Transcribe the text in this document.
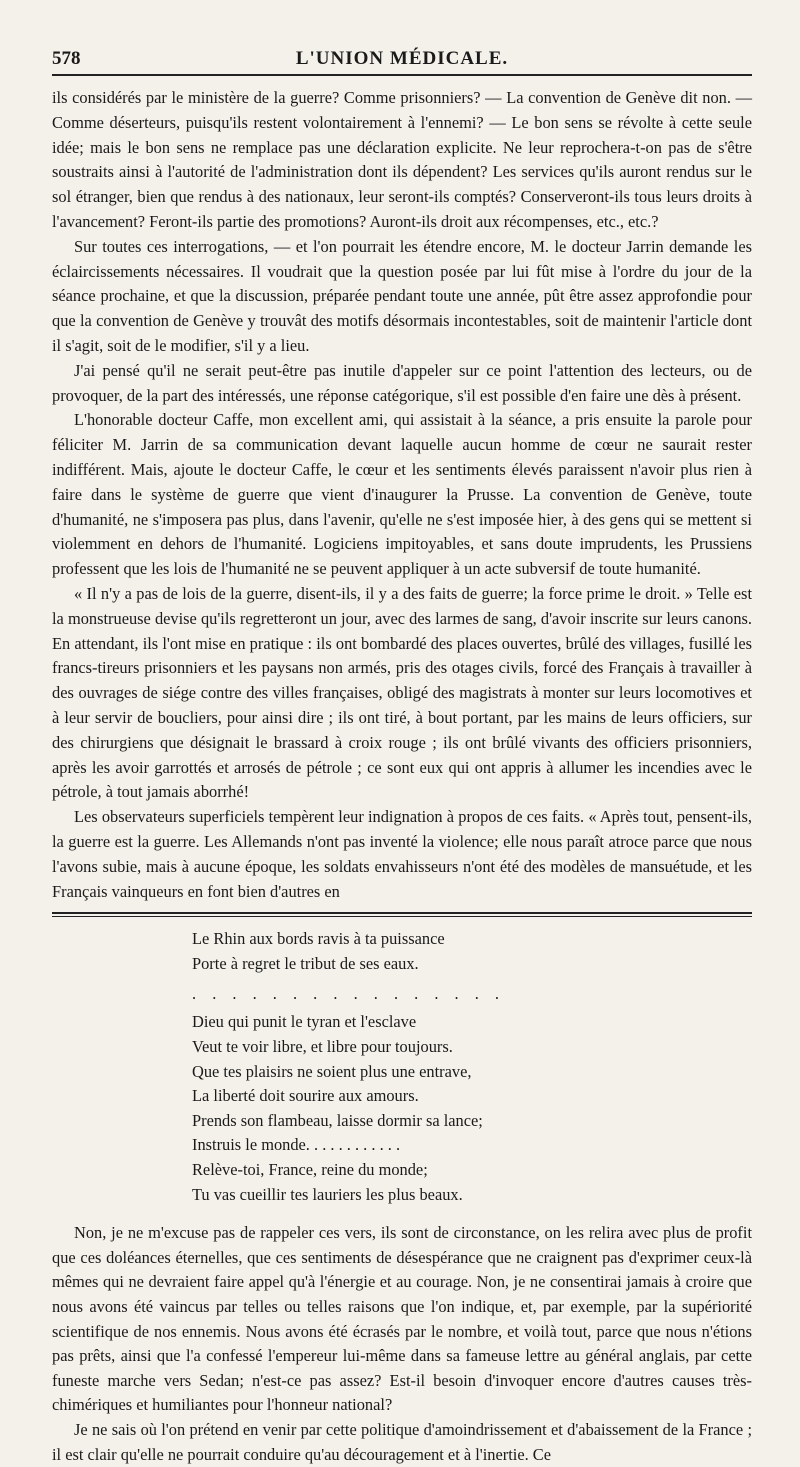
578	L'UNION MÉDICALE.

ils considérés par le ministère de la guerre? Comme prisonniers? — La convention de Genève dit non. — Comme déserteurs, puisqu'ils restent volontairement à l'ennemi? — Le bon sens se révolte à cette seule idée; mais le bon sens ne remplace pas une déclaration explicite. Ne leur reprochera-t-on pas de s'être soustraits ainsi à l'autorité de l'administration dont ils dépendent? Les services qu'ils auront rendus sur le sol étranger, bien que rendus à des nationaux, leur seront-ils comptés? Conserveront-ils tous leurs droits à l'avancement? Feront-ils partie des promotions? Auront-ils droit aux récompenses, etc., etc.?

Sur toutes ces interrogations, — et l'on pourrait les étendre encore, M. le docteur Jarrin demande les éclaircissements nécessaires. Il voudrait que la question posée par lui fût mise à l'ordre du jour de la séance prochaine, et que la discussion, préparée pendant toute une année, pût être assez approfondie pour que la convention de Genève y trouvât des motifs désormais incontestables, soit de maintenir l'article dont il s'agit, soit de le modifier, s'il y a lieu.

J'ai pensé qu'il ne serait peut-être pas inutile d'appeler sur ce point l'attention des lecteurs, ou de provoquer, de la part des intéressés, une réponse catégorique, s'il est possible d'en faire une dès à présent.

L'honorable docteur Caffe, mon excellent ami, qui assistait à la séance, a pris ensuite la parole pour féliciter M. Jarrin de sa communication devant laquelle aucun homme de cœur ne saurait rester indifférent. Mais, ajoute le docteur Caffe, le cœur et les sentiments élevés paraissent n'avoir plus rien à faire dans le système de guerre que vient d'inaugurer la Prusse. La convention de Genève, toute d'humanité, ne s'imposera pas plus, dans l'avenir, qu'elle ne s'est imposée hier, à des gens qui se mettent si violemment en dehors de l'humanité. Logiciens impitoyables, et sans doute imprudents, les Prussiens professent que les lois de l'humanité ne se peuvent appliquer à un acte subversif de toute humanité.

« Il n'y a pas de lois de la guerre, disent-ils, il y a des faits de guerre; la force prime le droit. » Telle est la monstrueuse devise qu'ils regretteront un jour, avec des larmes de sang, d'avoir inscrite sur leurs canons. En attendant, ils l'ont mise en pratique : ils ont bombardé des places ouvertes, brûlé des villages, fusillé les francs-tireurs prisonniers et les paysans non armés, pris des otages civils, forcé des Français à travailler à des ouvrages de siége contre des villes françaises, obligé des magistrats à monter sur leurs locomotives et à leur servir de boucliers, pour ainsi dire ; ils ont tiré, à bout portant, par les mains de leurs officiers, sur des chirurgiens que désignait le brassard à croix rouge ; ils ont brûlé vivants des officiers prisonniers, après les avoir garrottés et arrosés de pétrole ; ce sont eux qui ont appris à allumer les incendies avec le pétrole, à tout jamais aborrhé!

Les observateurs superficiels tempèrent leur indignation à propos de ces faits. « Après tout, pensent-ils, la guerre est la guerre. Les Allemands n'ont pas inventé la violence; elle nous paraît atroce parce que nous l'avons subie, mais à aucune époque, les soldats envahisseurs n'ont été des modèles de mansuétude, et les Français vainqueurs en font bien d'autres en

Le Rhin aux bords ravis à ta puissance
Porte à regret le tribut de ses eaux.
. . . . . . . . . . . . . . . .
Dieu qui punit le tyran et l'esclave
Veut te voir libre, et libre pour toujours.
Que tes plaisirs ne soient plus une entrave,
La liberté doit sourire aux amours.
Prends son flambeau, laisse dormir sa lance;
Instruis le monde. . . . . . . . . . . .
Relève-toi, France, reine du monde;
Tu vas cueillir tes lauriers les plus beaux.

Non, je ne m'excuse pas de rappeler ces vers, ils sont de circonstance, on les relira avec plus de profit que ces doléances éternelles, que ces sentiments de désespérance que ne craignent pas d'exprimer ceux-là mêmes qui ne devraient faire appel qu'à l'énergie et au courage. Non, je ne consentirai jamais à croire que nous avons été vaincus par telles ou telles raisons que l'on indique, et, par exemple, par la supériorité scientifique de nos ennemis. Nous avons été écrasés par le nombre, et voilà tout, parce que nous n'étions pas prêts, ainsi que l'a confessé l'empereur lui-même dans sa fameuse lettre au général anglais, par cette funeste marche vers Sedan; n'est-ce pas assez? Est-il besoin d'invoquer encore d'autres causes très-chimériques et humiliantes pour l'honneur national?

Je ne sais où l'on prétend en venir par cette politique d'amoindrissement et d'abaissement de la France ; il est clair qu'elle ne pourrait conduire qu'au découragement et à l'inertie. Ce
